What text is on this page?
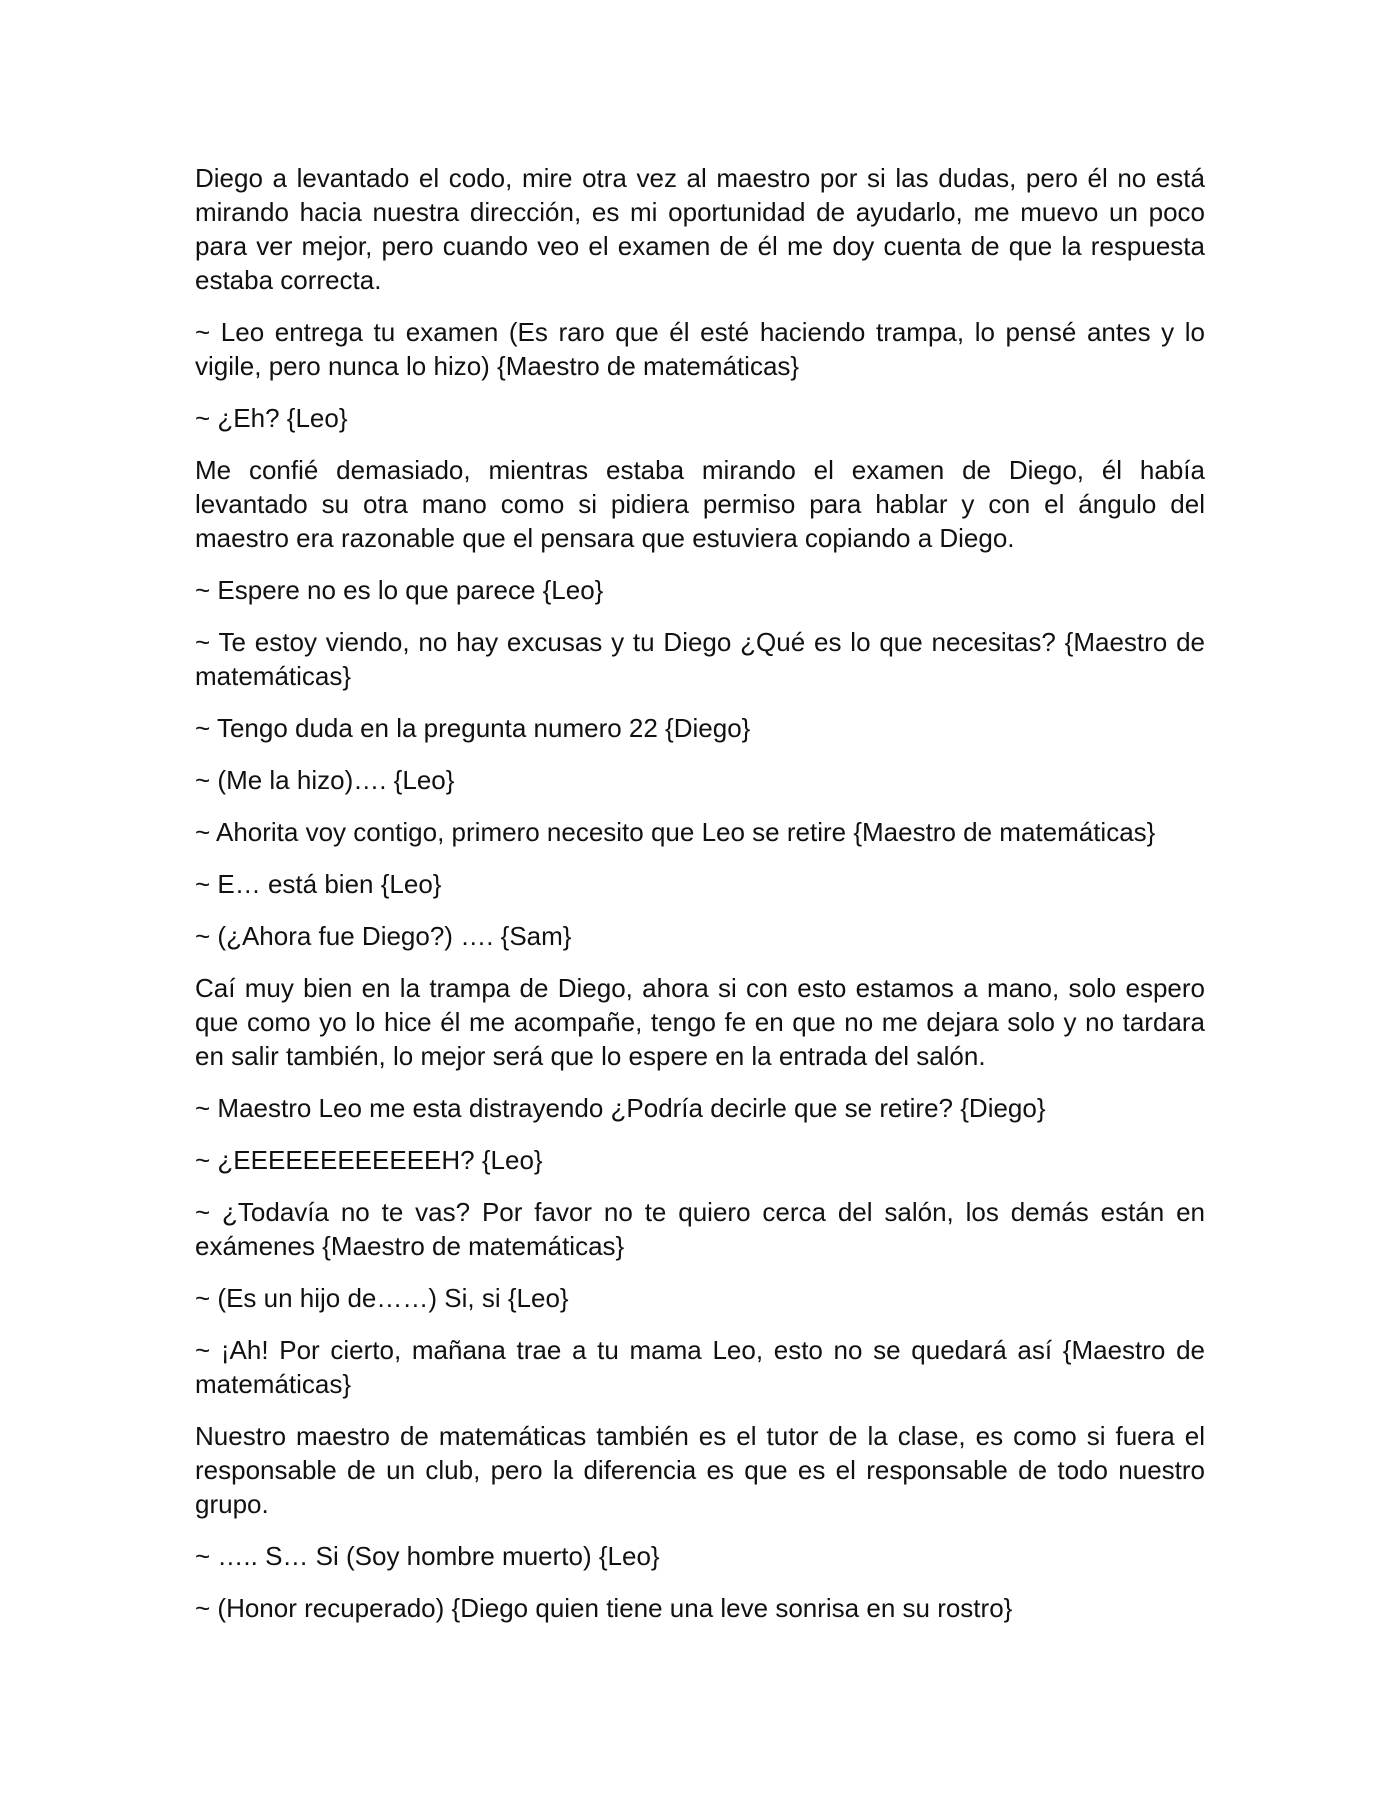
Diego a levantado el codo, mire otra vez al maestro por si las dudas, pero él no está mirando hacia nuestra dirección, es mi oportunidad de ayudarlo, me muevo un poco para ver mejor, pero cuando veo el examen de él me doy cuenta de que la respuesta estaba correcta.

~ Leo entrega tu examen (Es raro que él esté haciendo trampa, lo pensé antes y lo vigile, pero nunca lo hizo) {Maestro de matemáticas}

~ ¿Eh? {Leo}

Me confié demasiado, mientras estaba mirando el examen de Diego, él había levantado su otra mano como si pidiera permiso para hablar y con el ángulo del maestro era razonable que el pensara que estuviera copiando a Diego.

~ Espere no es lo que parece {Leo}

~ Te estoy viendo, no hay excusas y tu Diego ¿Qué es lo que necesitas? {Maestro de matemáticas}

~ Tengo duda en la pregunta numero 22 {Diego}

~ (Me la hizo)…. {Leo}

~ Ahorita voy contigo, primero necesito que Leo se retire {Maestro de matemáticas}

~ E… está bien {Leo}

~ (¿Ahora fue Diego?) …. {Sam}

Caí muy bien en la trampa de Diego, ahora si con esto estamos a mano, solo espero que como yo lo hice él me acompañe, tengo fe en que no me dejara solo y no tardara en salir también, lo mejor será que lo espere en la entrada del salón.

~ Maestro Leo me esta distrayendo ¿Podría decirle que se retire? {Diego}

~ ¿EEEEEEEEEEEEH? {Leo}

~ ¿Todavía no te vas? Por favor no te quiero cerca del salón, los demás están en exámenes {Maestro de matemáticas}

~ (Es un hijo de……) Si, si {Leo}

~ ¡Ah! Por cierto, mañana trae a tu mama Leo, esto no se quedará así {Maestro de matemáticas}

Nuestro maestro de matemáticas también es el tutor de la clase, es como si fuera el responsable de un club, pero la diferencia es que es el responsable de todo nuestro grupo.

~ ….. S… Si (Soy hombre muerto) {Leo}

~ (Honor recuperado) {Diego quien tiene una leve sonrisa en su rostro}
